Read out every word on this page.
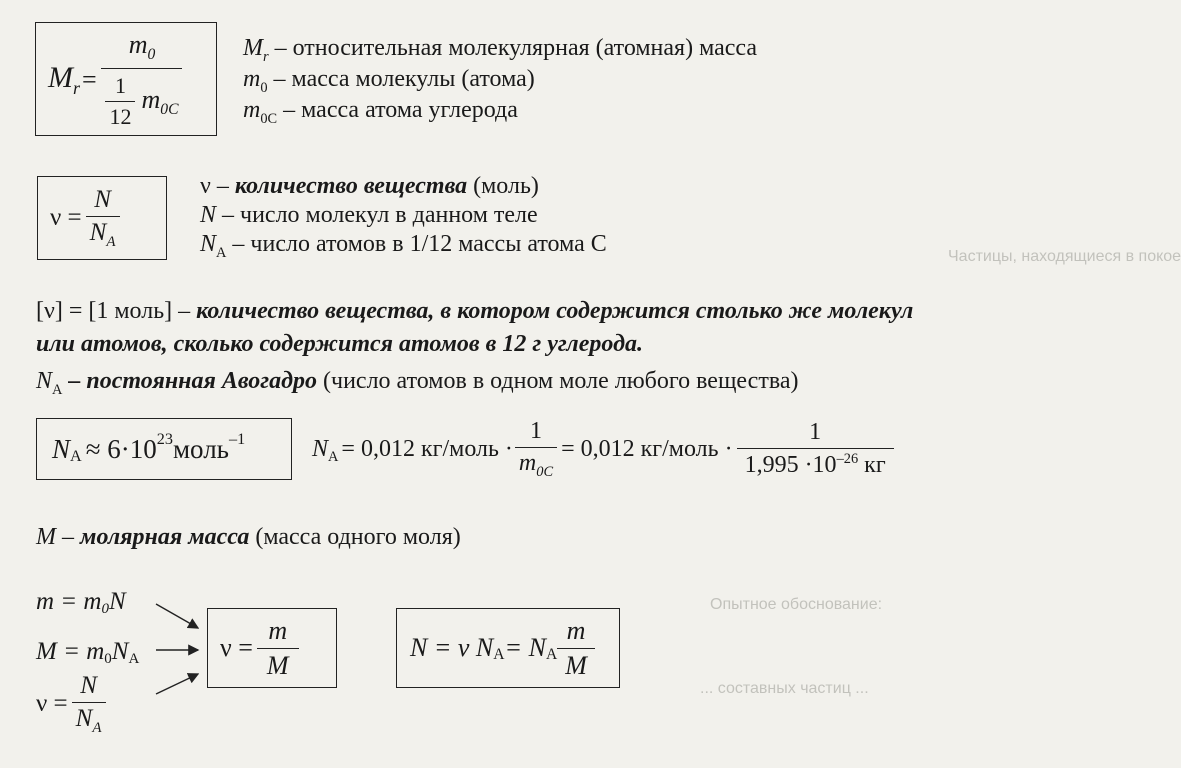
Частицы, находящиеся в покое
Опытное обоснование:
... составных частиц ...
$M_r = \frac{m_0}{\frac{1}{12} m_{0C}} M_r$ – относительная молекулярная (атомная) масса
$m_0$ – масса молекулы (атома)
$m_{0C}$ – масса атома углерода
$\nu = \frac{N}{N_A}$	ν – количество вещества (моль)
N – число молекул в данном теле
$N_A$ – число атомов в 1/12 массы атома С
[ν] = [1 моль] – количество вещества, в котором содержится столько же молекул
или атомов, сколько содержится атомов в 12 г углерода.
$N_A$ – постоянная Авогадро (число атомов в одном моле любого вещества)
$N_A \approx 6\cdot 10^{23}$ моль$^{-1}$	$N_A = 0,012$ кг/моль · $\frac{1}{m_{0C}} = 0,012$ кг/моль · $\frac{1}{1,995 \cdot 10^{-26} кг}$
M – молярная масса (масса одного моля)
$m = m_0$ N
$M = m_0$ $N_A$
$\nu = \frac{N}{N_A}$
$\nu = \frac{m}{M}$	N = ν $N_A = N_A \frac{m}{M}$
